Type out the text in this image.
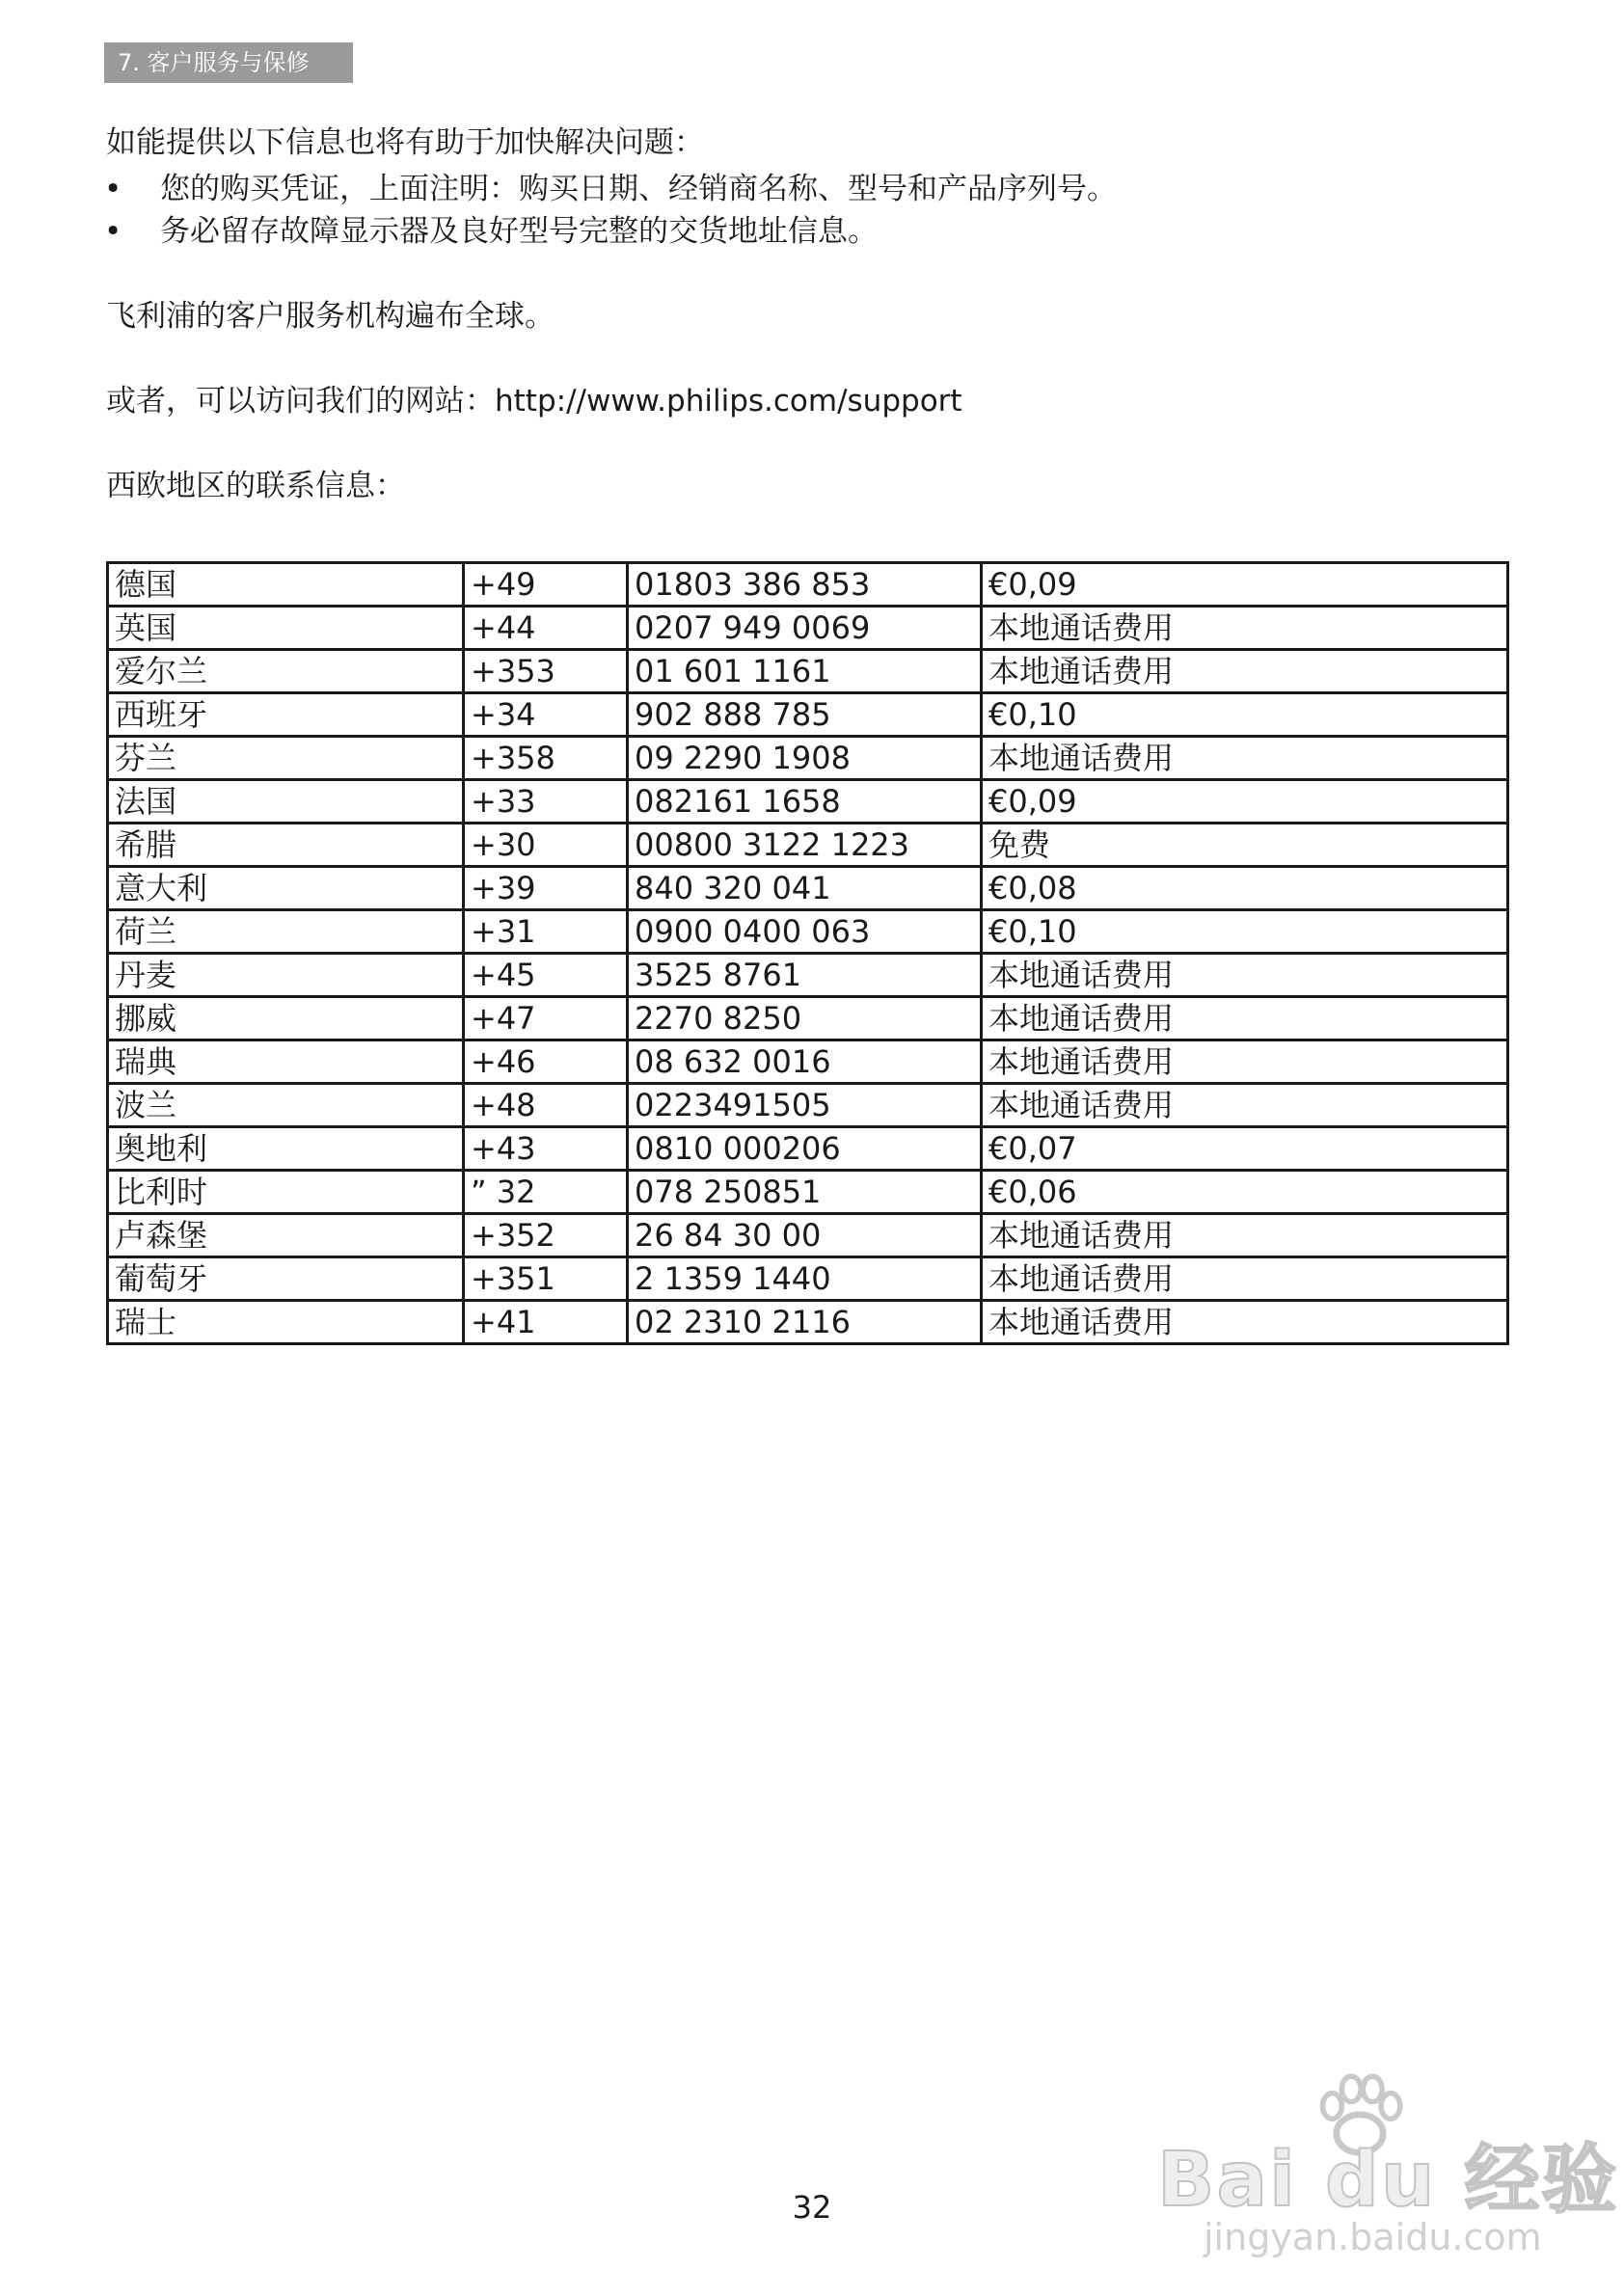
7. 客户服务与保修
如能提供以下信息也将有助于加快解决问题：
•	您的购买凭证，上面注明：购买日期、经销商名称、型号和产品序列号。
•	务必留存故障显示器及良好型号完整的交货地址信息。
飞利浦的客户服务机构遍布全球。
或者，可以访问我们的网站：http://www.philips.com/support
西欧地区的联系信息：
德国	+49	01803 386 853	€0,09
英国	+44	0207 949 0069	本地通话费用
爱尔兰	+353	01 601 1161	本地通话费用
西班牙	+34	902 888 785	€0,10
芬兰	+358	09 2290 1908	本地通话费用
法国	+33	082161 1658	€0,09
希腊	+30	00800 3122 1223	免费
意大利	+39	840 320 041	€0,08
荷兰	+31	0900 0400 063	€0,10
丹麦	+45	3525 8761	本地通话费用
挪威	+47	2270 8250	本地通话费用
瑞典	+46	08 632 0016	本地通话费用
波兰	+48	0223491505	本地通话费用
奥地利	+43	0810 000206	€0,07
比利时	” 32	078 250851	€0,06
卢森堡	+352	26 84 30 00	本地通话费用
葡萄牙	+351	2 1359 1440	本地通话费用
瑞士	+41	02 2310 2116	本地通话费用
32	Bai du 经验
jingyan.baidu.com
